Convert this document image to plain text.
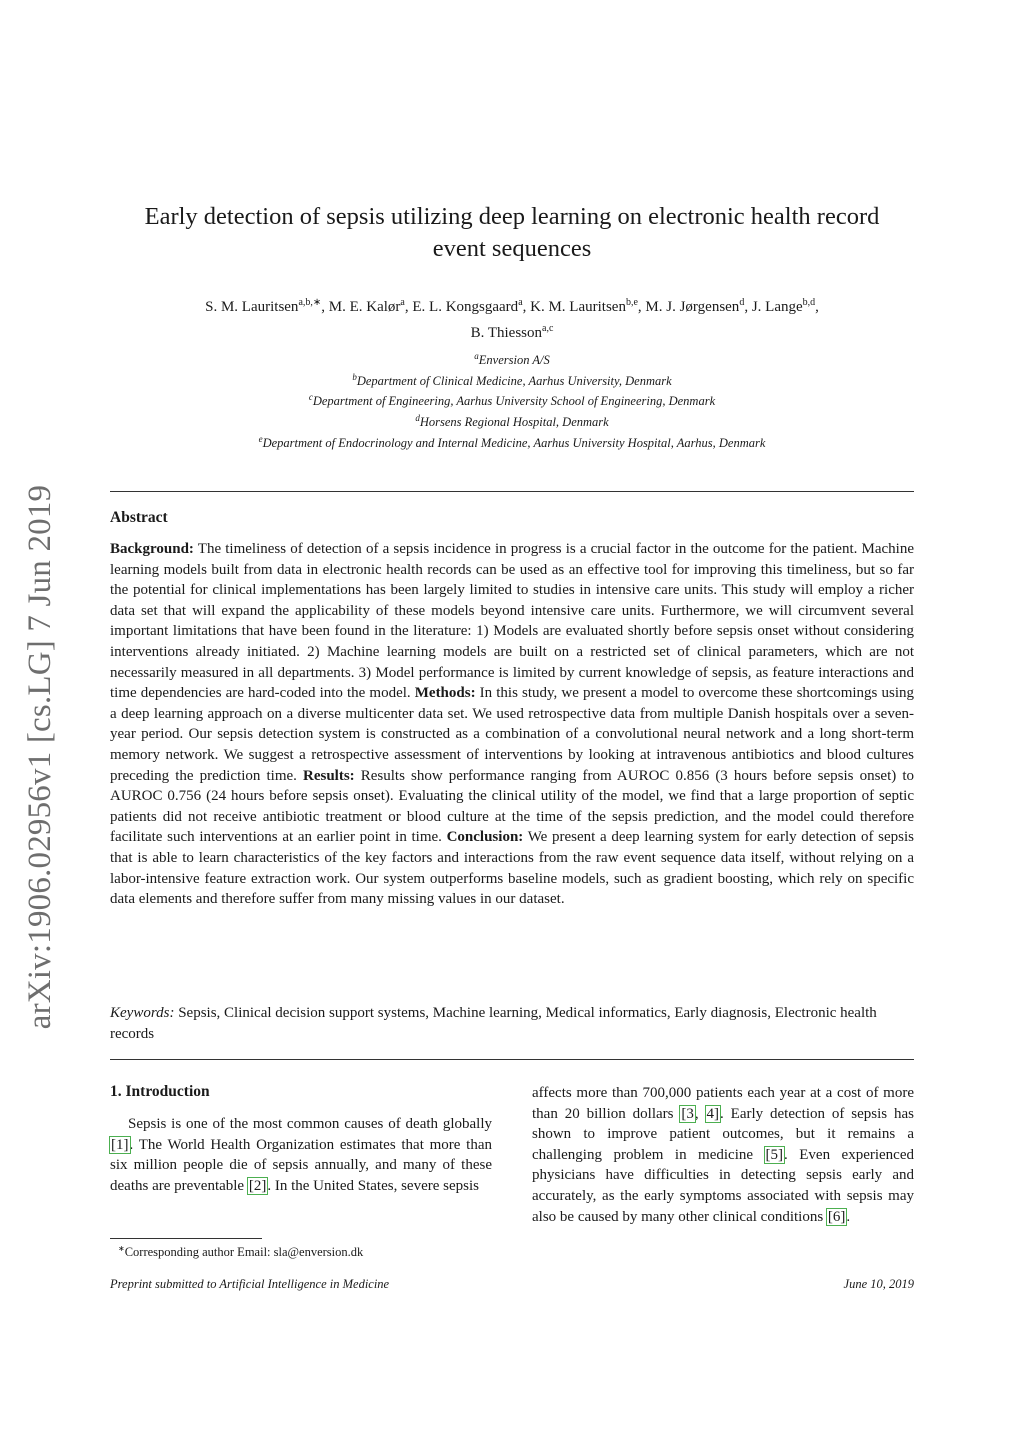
arXiv:1906.02956v1 [cs.LG] 7 Jun 2019
Early detection of sepsis utilizing deep learning on electronic health record
event sequences
S. M. Lauritsen$^{a,b,∗}$, M. E. Kalør$^a$, E. L. Kongsgaard$^a$, K. M. Lauritsen$^{b,e}$, M. J. Jørgensen$^d$, J. Lange$^{b,d}$,
B. Thiesson$^{a,c}$
$^a$Enversion A/S
$^b$Department of Clinical Medicine, Aarhus University, Denmark
$^c$Department of Engineering, Aarhus University School of Engineering, Denmark
$^d$Horsens Regional Hospital, Denmark
$^e$Department of Endocrinology and Internal Medicine, Aarhus University Hospital, Aarhus, Denmark
Abstract
Background: The timeliness of detection of a sepsis incidence in progress is a crucial factor in the outcome for the patient. Machine learning models built from data in electronic health records can be used as an effective tool for improving this timeliness, but so far the potential for clinical implementations has been largely limited to studies in intensive care units. This study will employ a richer data set that will expand the applicability of these models beyond intensive care units. Furthermore, we will circumvent several important limitations that have been found in the literature: 1) Models are evaluated shortly before sepsis onset without considering interventions already initiated. 2) Machine learning models are built on a restricted set of clinical parameters, which are not necessarily measured in all departments. 3) Model performance is limited by current knowledge of sepsis, as feature interactions and time dependencies are hard-coded into the model. Methods: In this study, we present a model to overcome these shortcomings using a deep learning approach on a diverse multicenter data set. We used retrospective data from multiple Danish hospitals over a seven-year period. Our sepsis detection system is constructed as a combination of a convolutional neural network and a long short-term memory network. We suggest a retrospective assessment of interventions by looking at intravenous antibiotics and blood cultures preceding the prediction time. Results: Results show performance ranging from AUROC 0.856 (3 hours before sepsis onset) to AUROC 0.756 (24 hours before sepsis onset). Evaluating the clinical utility of the model, we find that a large proportion of septic patients did not receive antibiotic treatment or blood culture at the time of the sepsis prediction, and the model could therefore facilitate such interventions at an earlier point in time. Conclusion: We present a deep learning system for early detection of sepsis that is able to learn characteristics of the key factors and interactions from the raw event sequence data itself, without relying on a labor-intensive feature extraction work. Our system outperforms baseline models, such as gradient boosting, which rely on specific data elements and therefore suffer from many missing values in our dataset.
Keywords: Sepsis, Clinical decision support systems, Machine learning, Medical informatics, Early diagnosis, Electronic health records
1. Introduction
Sepsis is one of the most common causes of death globally [1]. The World Health Organization estimates that more than six million people die of sepsis annually, and many of these deaths are preventable [2]. In the United States, severe sepsis
affects more than 700,000 patients each year at a cost of more than 20 billion dollars [3, 4]. Early detection of sepsis has shown to improve patient outcomes, but it remains a challenging problem in medicine [5]. Even experienced physicians have difficulties in detecting sepsis early and accurately, as the early symptoms associated with sepsis may also be caused by many other clinical conditions [6].
∗Corresponding author Email: sla@enversion.dk
Preprint submitted to Artificial Intelligence in Medicine	June 10, 2019
